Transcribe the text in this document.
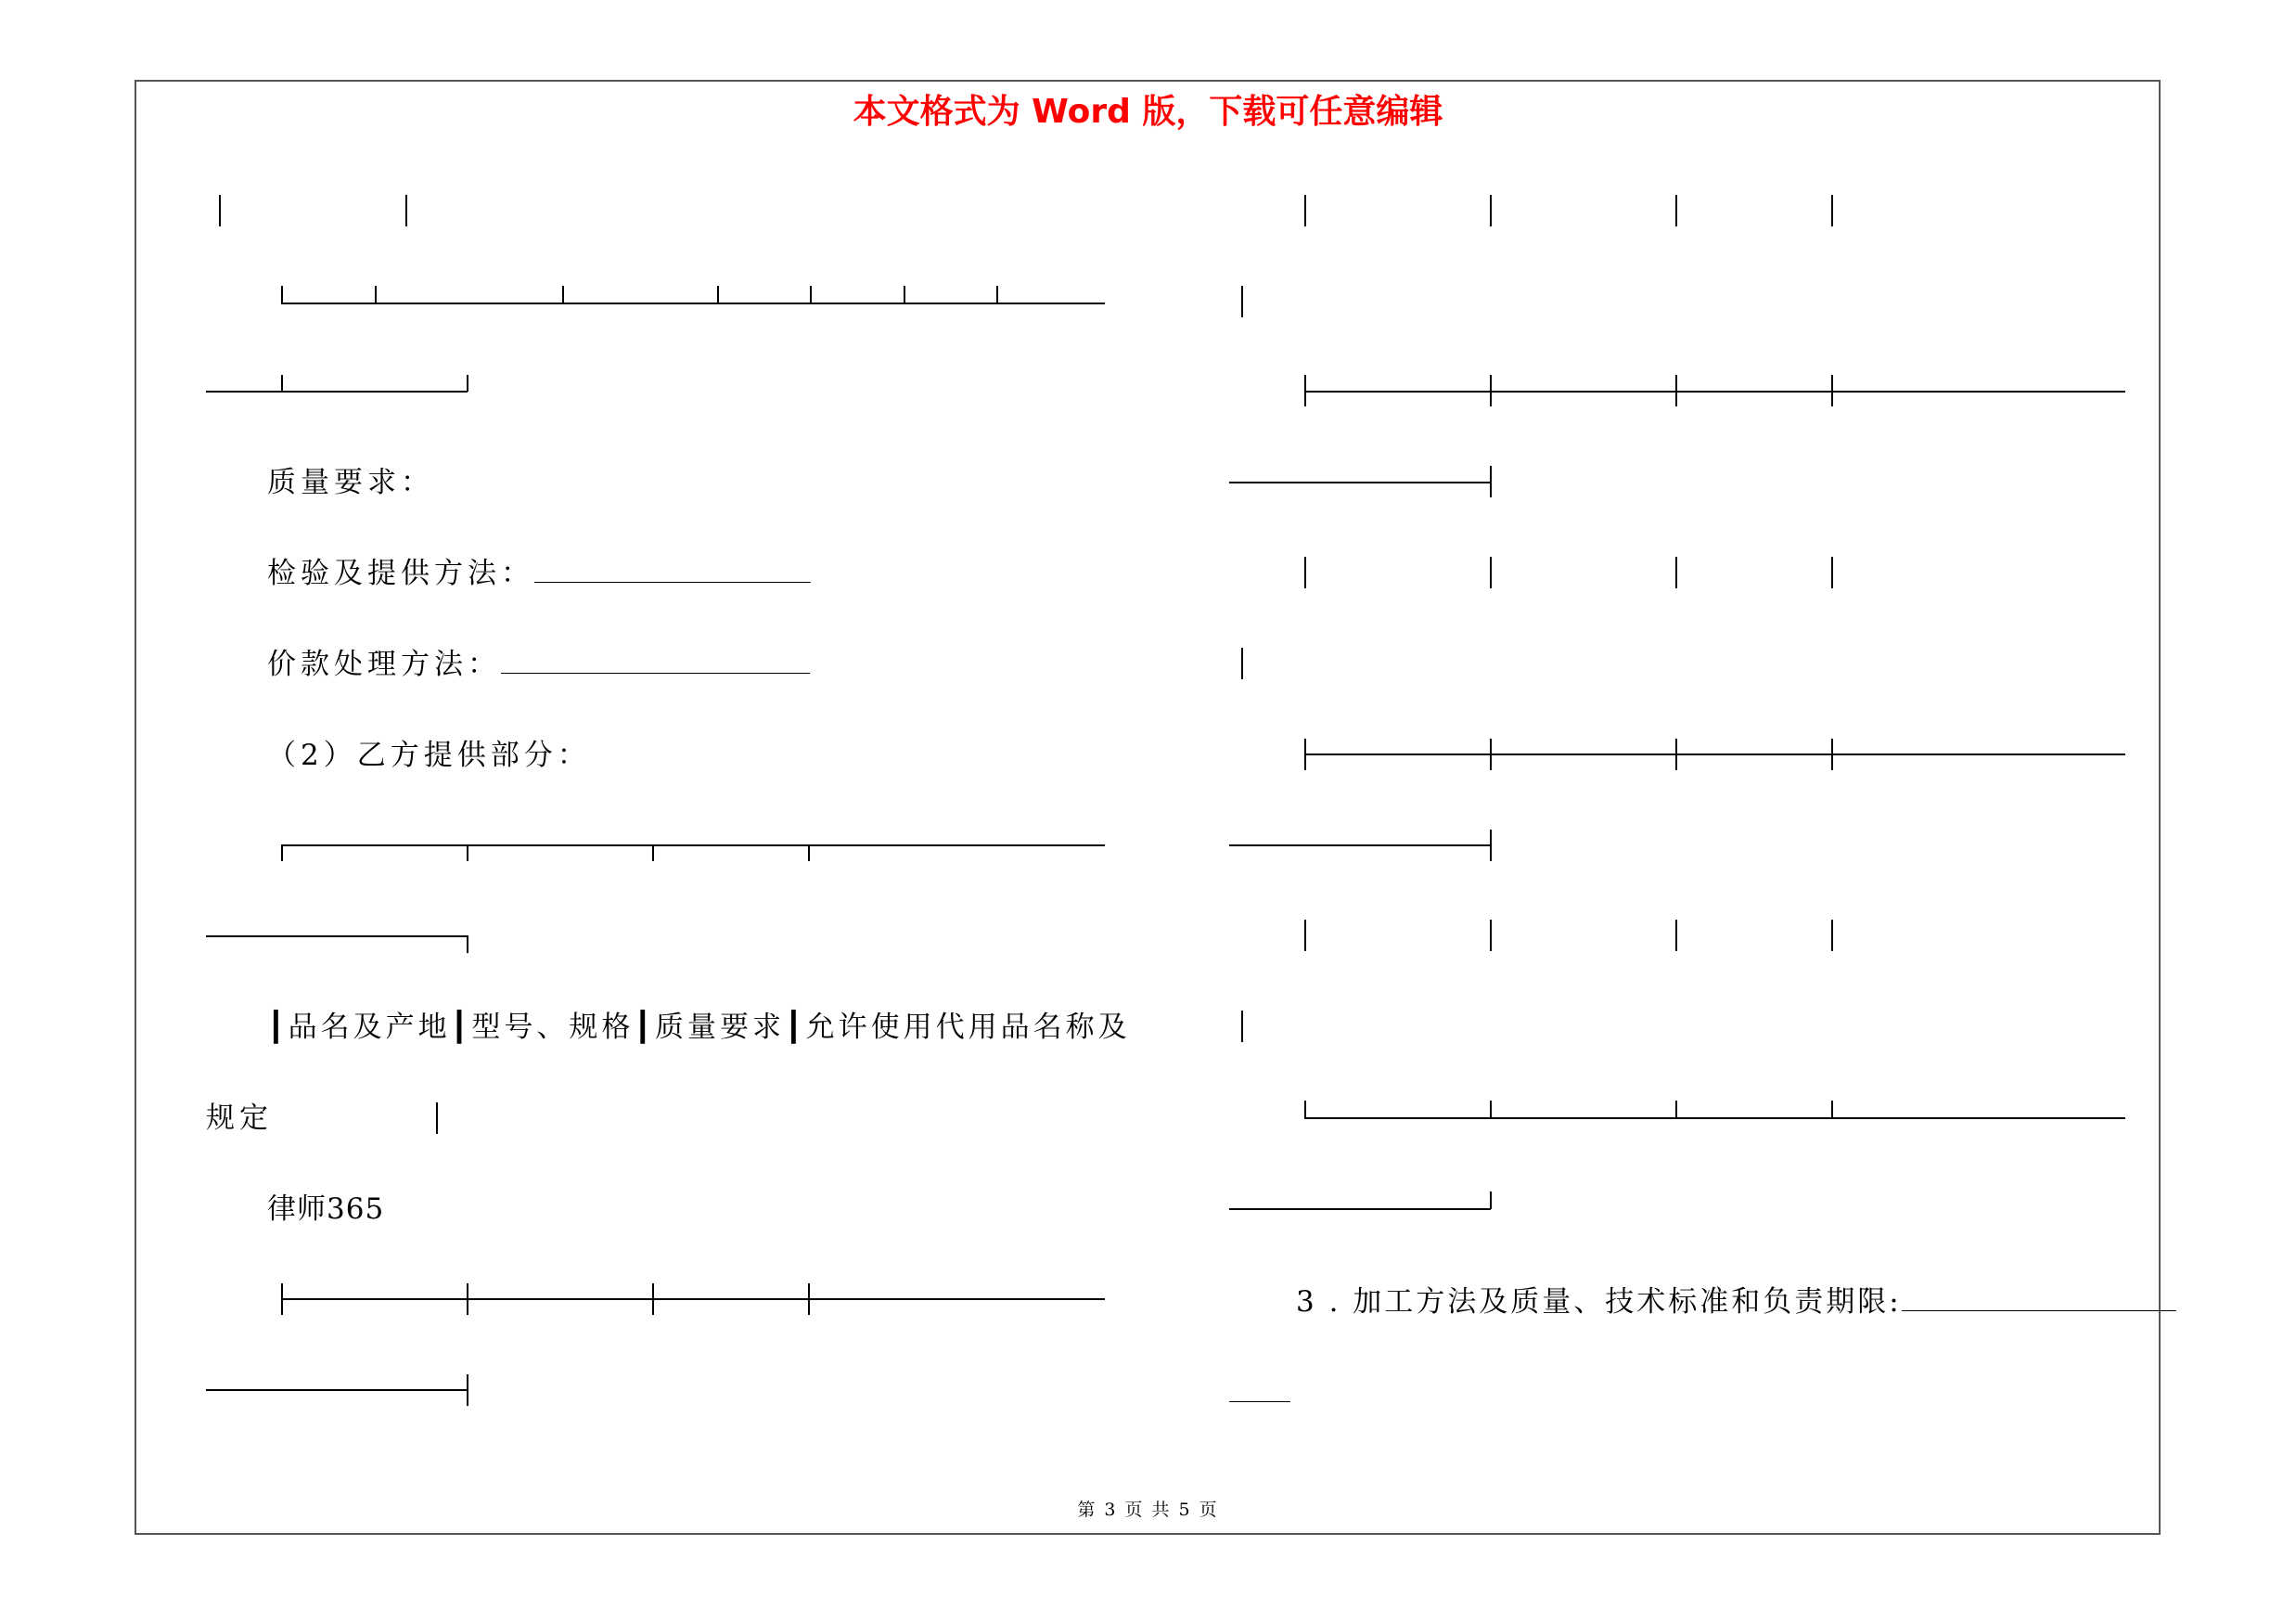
本文格式为 Word 版，下载可任意编辑
质量要求：
检验及提供方法：
价款处理方法：
（2）乙方提供部分：
┃品名及产地┃型号、规格┃质量要求┃允许使用代用品名称及
规定
律师365
3 . 加工方法及质量、技术标准和负责期限:
第 3 页 共 5 页
